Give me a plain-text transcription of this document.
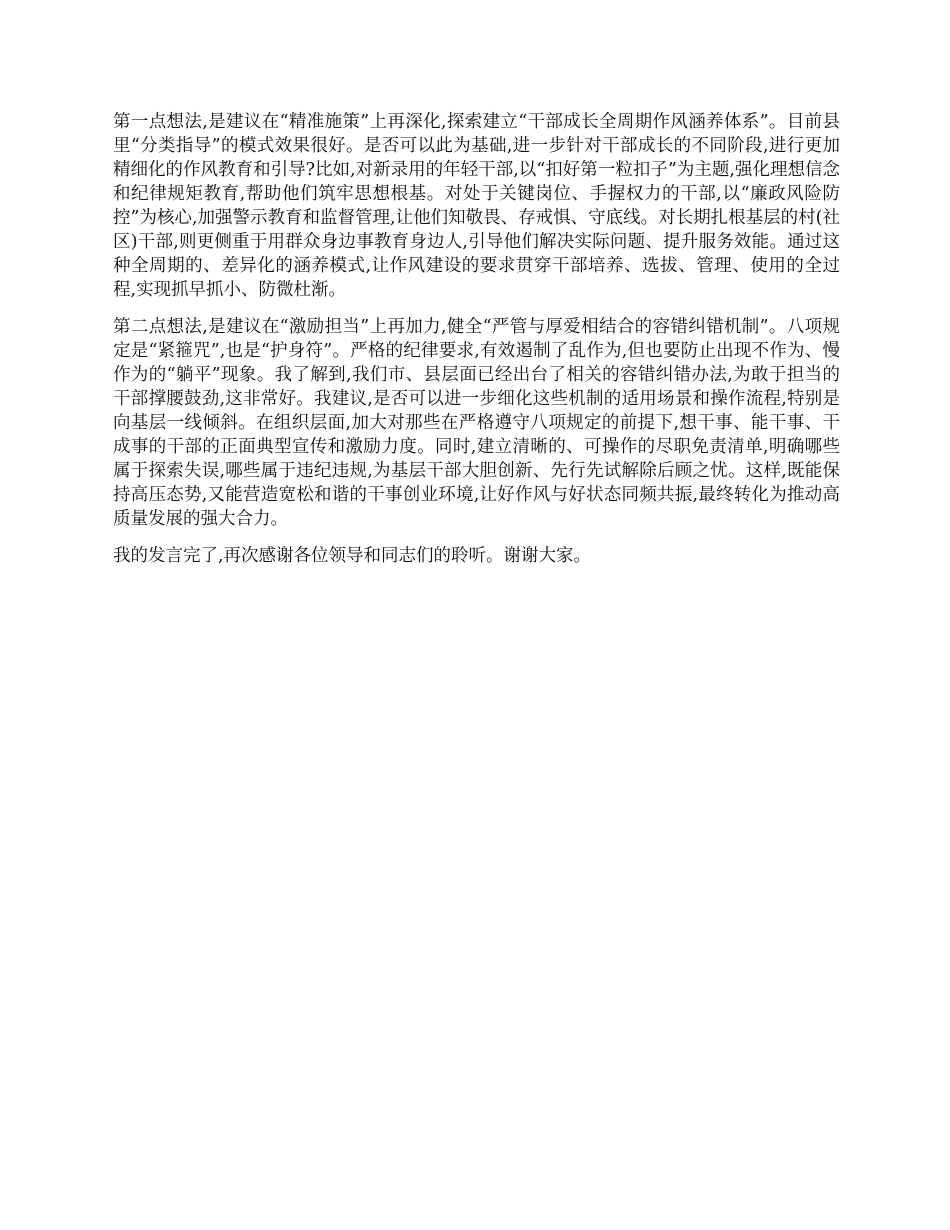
第一点想法,是建议在“精准施策”上再深化,探索建立“干部成长全周期作风涵养体系”。目前县里“分类指导”的模式效果很好。是否可以此为基础,进一步针对干部成长的不同阶段,进行更加精细化的作风教育和引导?比如,对新录用的年轻干部,以“扣好第一粒扣子”为主题,强化理想信念和纪律规矩教育,帮助他们筑牢思想根基。对处于关键岗位、手握权力的干部,以“廉政风险防控”为核心,加强警示教育和监督管理,让他们知敬畏、存戒惧、守底线。对长期扎根基层的村(社区)干部,则更侧重于用群众身边事教育身边人,引导他们解决实际问题、提升服务效能。通过这种全周期的、差异化的涵养模式,让作风建设的要求贯穿干部培养、选拔、管理、使用的全过程,实现抓早抓小、防微杜渐。

第二点想法,是建议在“激励担当”上再加力,健全“严管与厚爱相结合的容错纠错机制”。八项规定是“紧箍咒”,也是“护身符”。严格的纪律要求,有效遏制了乱作为,但也要防止出现不作为、慢作为的“躺平”现象。我了解到,我们市、县层面已经出台了相关的容错纠错办法,为敢于担当的干部撑腰鼓劲,这非常好。我建议,是否可以进一步细化这些机制的适用场景和操作流程,特别是向基层一线倾斜。在组织层面,加大对那些在严格遵守八项规定的前提下,想干事、能干事、干成事的干部的正面典型宣传和激励力度。同时,建立清晰的、可操作的尽职免责清单,明确哪些属于探索失误,哪些属于违纪违规,为基层干部大胆创新、先行先试解除后顾之忧。这样,既能保持高压态势,又能营造宽松和谐的干事创业环境,让好作风与好状态同频共振,最终转化为推动高质量发展的强大合力。

我的发言完了,再次感谢各位领导和同志们的聆听。谢谢大家。
